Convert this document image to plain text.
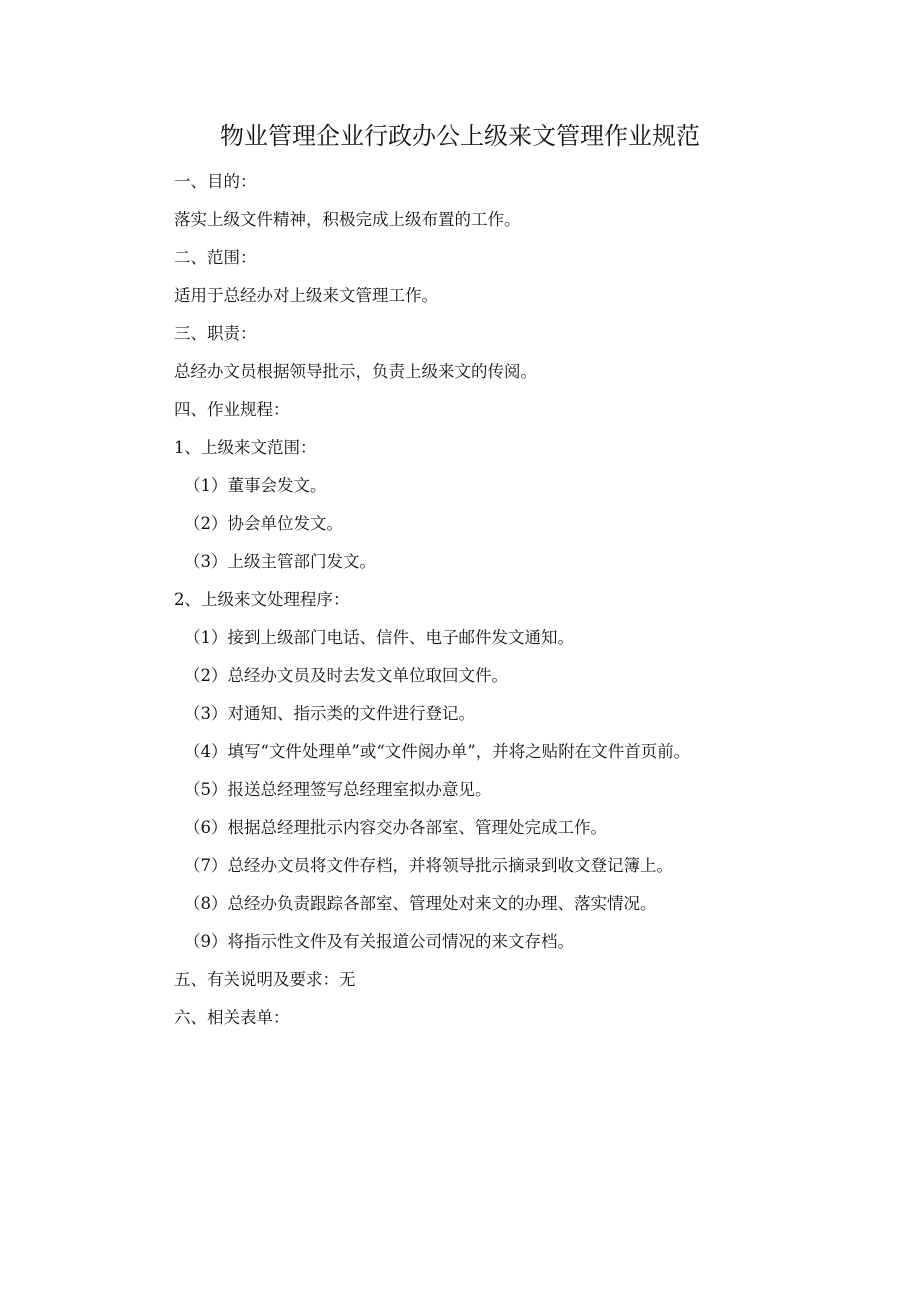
物业管理企业行政办公上级来文管理作业规范
一、目的：
落实上级文件精神，积极完成上级布置的工作。
二、范围：
适用于总经办对上级来文管理工作。
三、职责：
总经办文员根据领导批示，负责上级来文的传阅。
四、作业规程：
1、上级来文范围：
（1）董事会发文。
（2）协会单位发文。
（3）上级主管部门发文。
2、上级来文处理程序：
（1）接到上级部门电话、信件、电子邮件发文通知。
（2）总经办文员及时去发文单位取回文件。
（3）对通知、指示类的文件进行登记。
（4）填写“文件处理单”或“文件阅办单”，并将之贴附在文件首页前。
（5）报送总经理签写总经理室拟办意见。
（6）根据总经理批示内容交办各部室、管理处完成工作。
（7）总经办文员将文件存档，并将领导批示摘录到收文登记簿上。
（8）总经办负责跟踪各部室、管理处对来文的办理、落实情况。
（9）将指示性文件及有关报道公司情况的来文存档。
五、有关说明及要求：无
六、相关表单：
